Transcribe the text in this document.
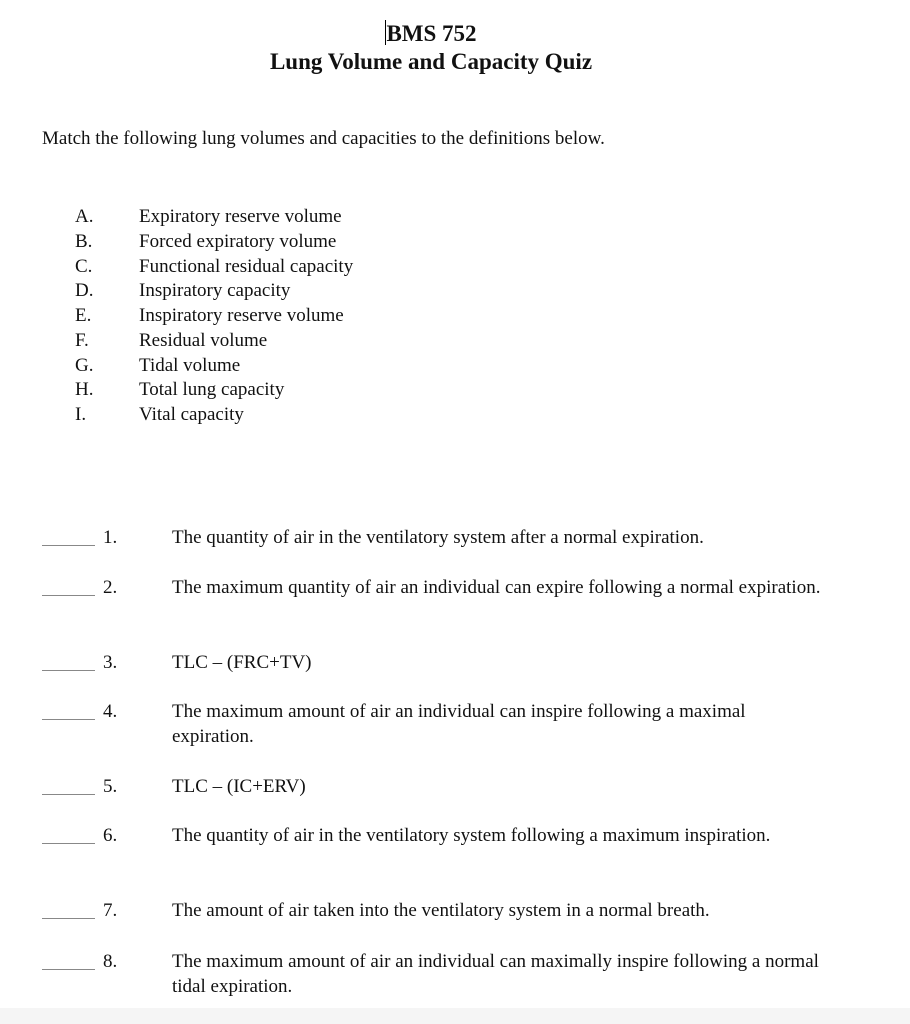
BMS 752
Lung Volume and Capacity Quiz
Match the following lung volumes and capacities to the definitions below.
A. Expiratory reserve volume
B. Forced expiratory volume
C. Functional residual capacity
D. Inspiratory capacity
E.	Inspiratory reserve volume
F.	Residual volume
G. Tidal volume
H. Total lung capacity
I.	Vital capacity
1.	The quantity of air in the ventilatory system after a normal expiration.
2.	The maximum quantity of air an individual can expire following a normal expiration.
3.	TLC – (FRC+TV)
4.	The maximum amount of air an individual can inspire following a maximal expiration.
5.	TLC – (IC+ERV)
6.	The quantity of air in the ventilatory system following a maximum inspiration.
7.	The amount of air taken into the ventilatory system in a normal breath.
8.	The maximum amount of air an individual can maximally inspire following a normal tidal expiration.
